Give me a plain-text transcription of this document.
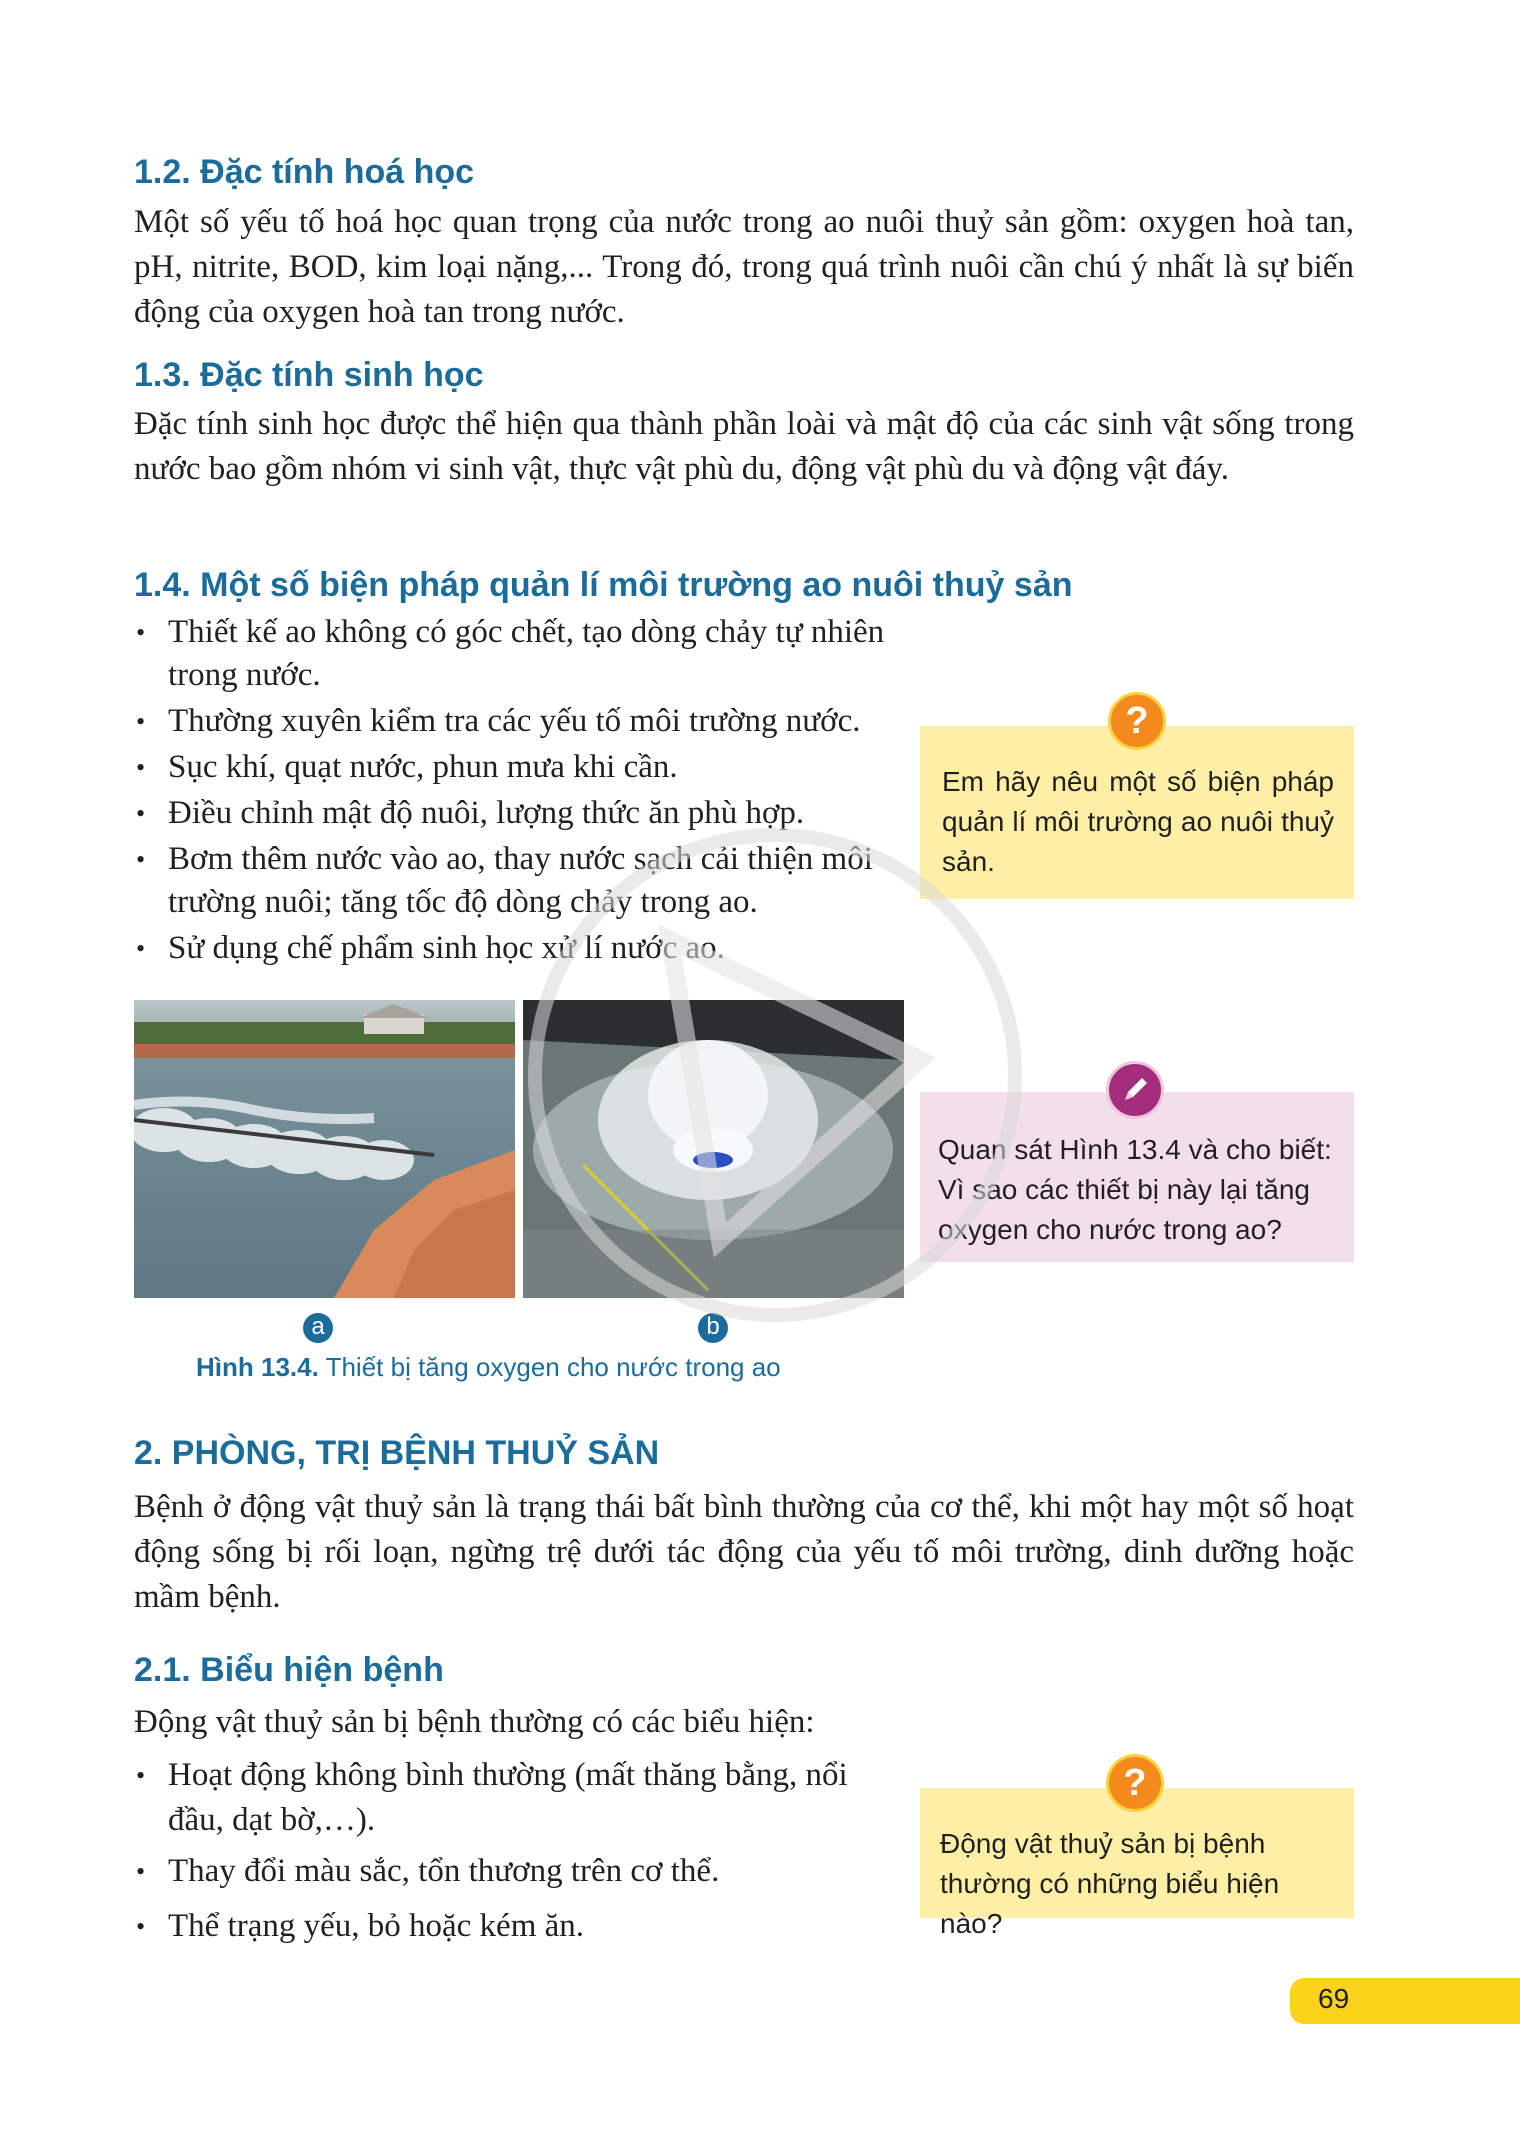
1.2. Đặc tính hoá học

Một số yếu tố hoá học quan trọng của nước trong ao nuôi thuỷ sản gồm: oxygen hoà tan, pH, nitrite, BOD, kim loại nặng,... Trong đó, trong quá trình nuôi cần chú ý nhất là sự biến động của oxygen hoà tan trong nước.

1.3. Đặc tính sinh học

Đặc tính sinh học được thể hiện qua thành phần loài và mật độ của các sinh vật sống trong nước bao gồm nhóm vi sinh vật, thực vật phù du, động vật phù du và động vật đáy.

1.4. Một số biện pháp quản lí môi trường ao nuôi thuỷ sản
• Thiết kế ao không có góc chết, tạo dòng chảy tự nhiên trong nước.
• Thường xuyên kiểm tra các yếu tố môi trường nước.
• Sục khí, quạt nước, phun mưa khi cần.
• Điều chỉnh mật độ nuôi, lượng thức ăn phù hợp.
• Bơm thêm nước vào ao, thay nước sạch cải thiện môi trường nuôi; tăng tốc độ dòng chảy trong ao.
• Sử dụng chế phẩm sinh học xử lí nước ao.

Em hãy nêu một số biện pháp quản lí môi trường ao nuôi thuỷ sản.

?
a	b
Hình 13.4. Thiết bị tăng oxygen cho nước trong ao

Quan sát Hình 13.4 và cho biết: Vì sao các thiết bị này lại tăng oxygen cho nước trong ao?

2. PHÒNG, TRỊ BỆNH THUỶ SẢN

Bệnh ở động vật thuỷ sản là trạng thái bất bình thường của cơ thể, khi một hay một số hoạt động sống bị rối loạn, ngừng trệ dưới tác động của yếu tố môi trường, dinh dưỡng hoặc mầm bệnh.

2.1. Biểu hiện bệnh

Động vật thuỷ sản bị bệnh thường có các biểu hiện:

• Hoạt động không bình thường (mất thăng bằng, nổi đầu, dạt bờ,…).
• Thay đổi màu sắc, tổn thương trên cơ thể.
• Thể trạng yếu, bỏ hoặc kém ăn.

Động vật thuỷ sản bị bệnh thường có những biểu hiện nào?

?
69
